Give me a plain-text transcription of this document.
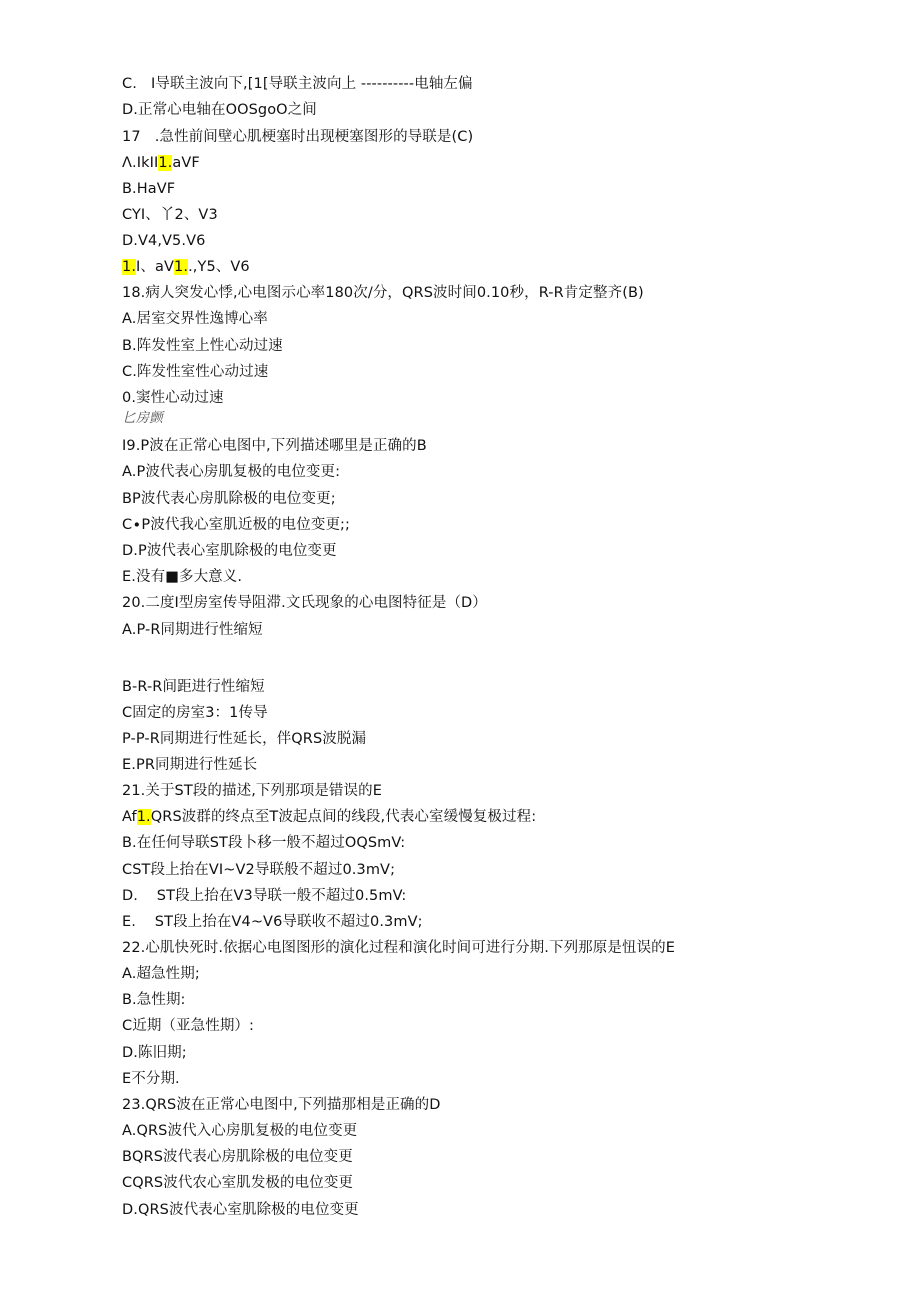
C.   I导联主波向下,[1[导联主波向上 ----------电轴左偏
D.正常心电轴在OOSgoO之间
17   .急性前间壁心肌梗塞时出现梗塞图形的导联是(C)
Λ.IkII1.aVF
B.HaVF
CYI、丫2、V3
D.V4,V5.V6
1.I、aV1..,Y5、V6
18.病人突发心悸,心电图示心率180次/分，QRS波时间0.10秒，R-R肯定整齐(B)
A.居室交界性逸博心率
B.阵发性室上性心动过速
C.阵发性室性心动过速
0.窦性心动过速
匕房颤
I9.P波在正常心电图中,下列描述哪里是正确的B
A.P波代表心房肌复极的电位变更:
BP波代表心房肌除极的电位变更;
C∙P波代我心室肌近极的电位变更;;
D.P波代表心室肌除极的电位变更
E.没有■多大意义.
20.二度I型房室传导阻滞.文氏现象的心电图特征是（D）
A.P-R同期进行性缩短
B-R-R间距进行性缩短
C固定的房室3：1传导
P-P-R同期进行性延长，伴QRS波脱漏
E.PR同期进行性延长
21.关于ST段的描述,下列那项是错误的E
Af1.QRS波群的终点至T波起点间的线段,代表心室缓慢复极过程:
B.在任何导联ST段卜移一般不超过OQSmV:
CST段上抬在VI~V2导联般不超过0.3mV;
D.    ST段上抬在V3导联一般不超过0.5mV:
E.    ST段上抬在V4~V6导联收不超过0.3mV;
22.心肌快死时.依据心电图图形的演化过程和演化时间可进行分期.下列那原是忸误的E
A.超急性期;
B.急性期:
C近期（亚急性期）:
D.陈旧期;
E不分期.
23.QRS波在正常心电图中,下列描那相是正确的D
A.QRS波代入心房肌复极的电位变更
BQRS波代表心房肌除极的电位变更
CQRS波代农心室肌发极的电位变更
D.QRS波代表心室肌除极的电位变更
